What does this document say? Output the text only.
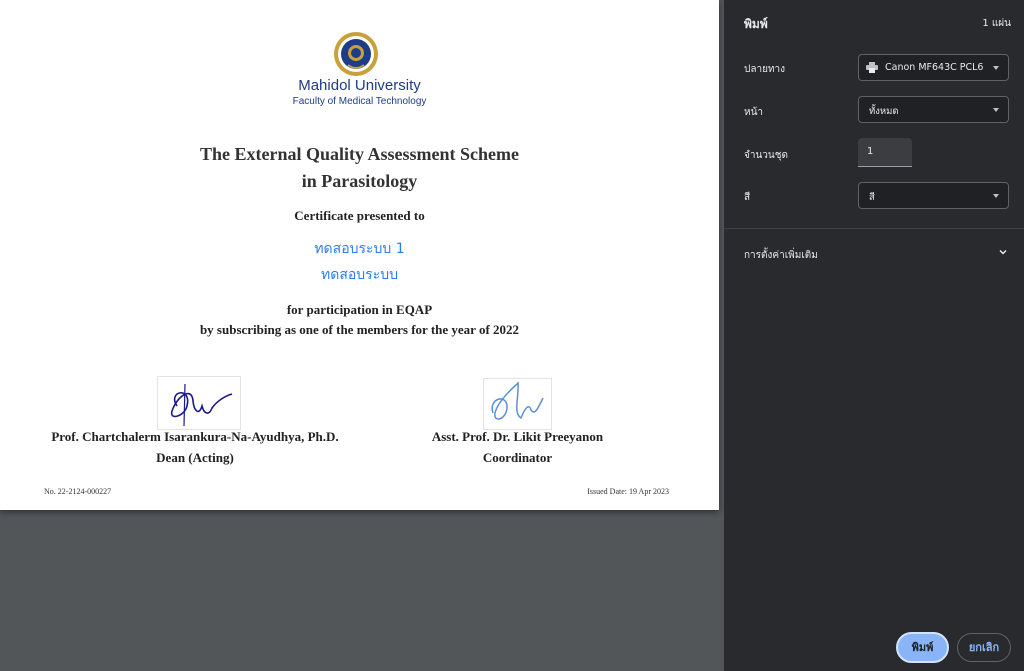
Mahidol University
Faculty of Medical Technology
The External Quality Assessment Scheme
in Parasitology
Certificate presented to
ทดสอบระบบ 1
ทดสอบระบบ
for participation in EQAP
by subscribing as one of the members for the year of 2022
Prof. Chartchalerm Isarankura-Na-Ayudhya, Ph.D.
Dean (Acting)
Asst. Prof. Dr. Likit Preeyanon
Coordinator
No. 22-2124-000227	Issued Date: 19 Apr 2023
พิมพ์	1 แผ่น
ปลายทาง	Canon MF643C PCL6
หน้า	ทั้งหมด
จำนวนชุด	1
สี	สี
การตั้งค่าเพิ่มเติม
พิมพ์	ยกเลิก
